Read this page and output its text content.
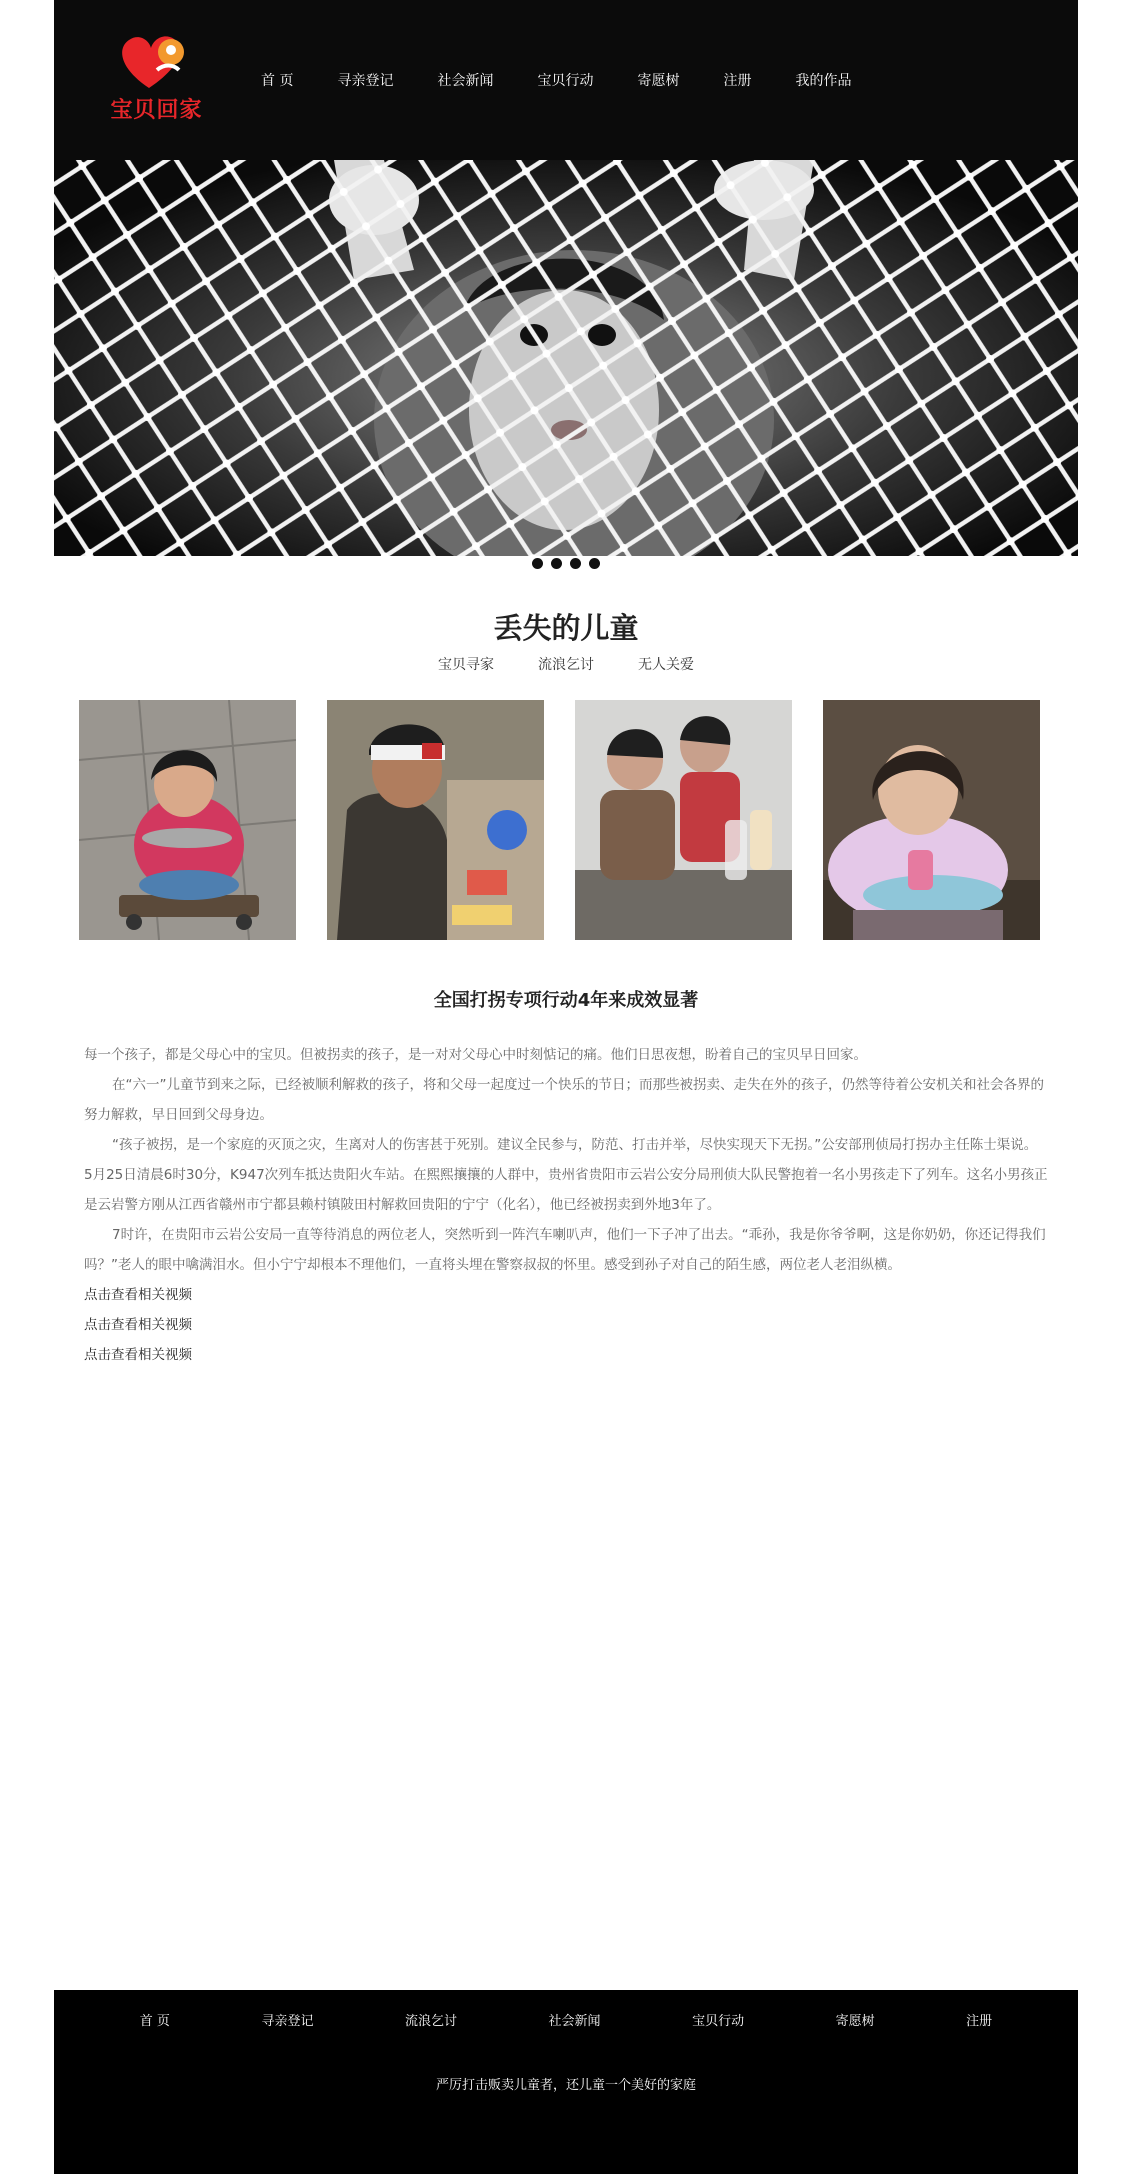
宝贝回家
首 页	寻亲登记	社会新闻	宝贝行动	寄愿树	注册	我的作品
丢失的儿童
宝贝寻家	流浪乞讨	无人关爱
全国打拐专项行动4年来成效显著

每一个孩子，都是父母心中的宝贝。但被拐卖的孩子，是一对对父母心中时刻惦记的痛。他们日思夜想，盼着自己的宝贝早日回家。

在“六一”儿童节到来之际，已经被顺利解救的孩子，将和父母一起度过一个快乐的节日；而那些被拐卖、走失在外的孩子，仍然等待着公安机关和社会各界的努力解救，早日回到父母身边。

“孩子被拐，是一个家庭的灭顶之灾，生离对人的伤害甚于死别。建议全民参与，防范、打击并举，尽快实现天下无拐。”公安部刑侦局打拐办主任陈士渠说。

5月25日清晨6时30分，K947次列车抵达贵阳火车站。在熙熙攘攘的人群中，贵州省贵阳市云岩公安分局刑侦大队民警抱着一名小男孩走下了列车。这名小男孩正是云岩警方刚从江西省赣州市宁都县赖村镇陂田村解救回贵阳的宁宁（化名），他已经被拐卖到外地3年了。

7时许，在贵阳市云岩公安局一直等待消息的两位老人，突然听到一阵汽车喇叭声，他们一下子冲了出去。“乖孙，我是你爷爷啊，这是你奶奶，你还记得我们吗？”老人的眼中噙满泪水。但小宁宁却根本不理他们，一直将头埋在警察叔叔的怀里。感受到孙子对自己的陌生感，两位老人老泪纵横。

点击查看相关视频
点击查看相关视频
点击查看相关视频
首 页	寻亲登记	流浪乞讨	社会新闻	宝贝行动	寄愿树	注册
严厉打击贩卖儿童者，还儿童一个美好的家庭
